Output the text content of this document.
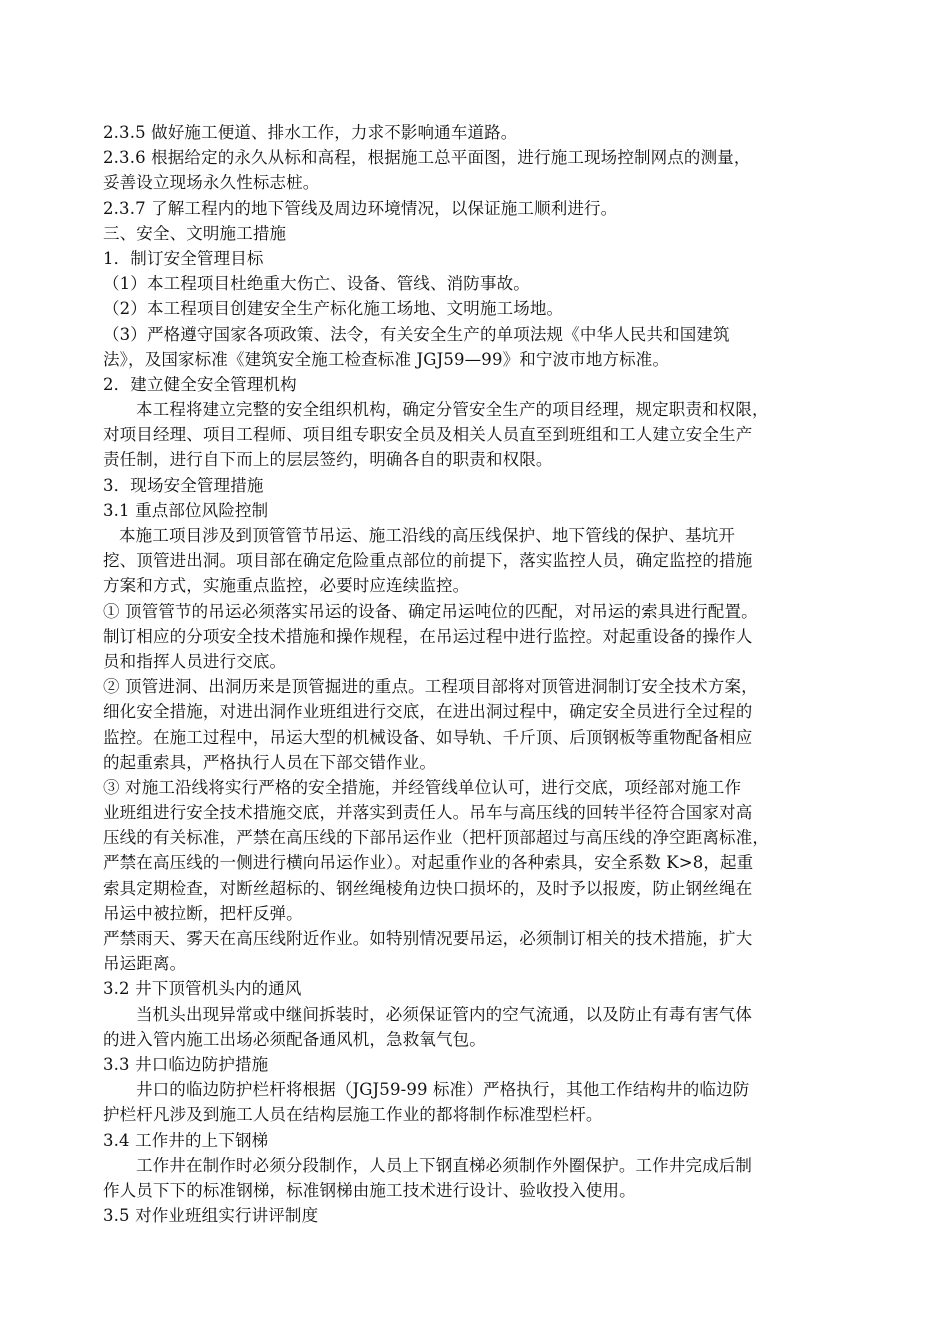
2.3.5 做好施工便道、排水工作，力求不影响通车道路。
2.3.6 根据给定的永久从标和高程，根据施工总平面图，进行施工现场控制网点的测量，
妥善设立现场永久性标志桩。
2.3.7 了解工程内的地下管线及周边环境情况，以保证施工顺利进行。
三、安全、文明施工措施
1．制订安全管理目标
（1）本工程项目杜绝重大伤亡、设备、管线、消防事故。
（2）本工程项目创建安全生产标化施工场地、文明施工场地。
（3）严格遵守国家各项政策、法令，有关安全生产的单项法规《中华人民共和国建筑
法》，及国家标准《建筑安全施工检查标准 JGJ59—99》和宁波市地方标准。
2．建立健全安全管理机构
本工程将建立完整的安全组织机构，确定分管安全生产的项目经理，规定职责和权限，
对项目经理、项目工程师、项目组专职安全员及相关人员直至到班组和工人建立安全生产
责任制，进行自下而上的层层签约，明确各自的职责和权限。
3．现场安全管理措施
3.1 重点部位风险控制
本施工项目涉及到顶管管节吊运、施工沿线的高压线保护、地下管线的保护、基坑开
挖、顶管进出洞。项目部在确定危险重点部位的前提下，落实监控人员，确定监控的措施
方案和方式，实施重点监控，必要时应连续监控。
① 顶管管节的吊运必须落实吊运的设备、确定吊运吨位的匹配，对吊运的索具进行配置。
制订相应的分项安全技术措施和操作规程，在吊运过程中进行监控。对起重设备的操作人
员和指挥人员进行交底。
② 顶管进洞、出洞历来是顶管掘进的重点。工程项目部将对顶管进洞制订安全技术方案，
细化安全措施，对进出洞作业班组进行交底，在进出洞过程中，确定安全员进行全过程的
监控。在施工过程中，吊运大型的机械设备、如导轨、千斤顶、后顶钢板等重物配备相应
的起重索具，严格执行人员在下部交错作业。
③ 对施工沿线将实行严格的安全措施，并经管线单位认可，进行交底，项经部对施工作
业班组进行安全技术措施交底，并落实到责任人。吊车与高压线的回转半径符合国家对高
压线的有关标准，严禁在高压线的下部吊运作业（把杆顶部超过与高压线的净空距离标准，
严禁在高压线的一侧进行横向吊运作业）。对起重作业的各种索具，安全系数 K>8，起重
索具定期检查，对断丝超标的、钢丝绳棱角边快口损坏的，及时予以报废，防止钢丝绳在
吊运中被拉断，把杆反弹。
严禁雨天、雾天在高压线附近作业。如特别情况要吊运，必须制订相关的技术措施，扩大
吊运距离。
3.2 井下顶管机头内的通风
当机头出现异常或中继间拆装时，必须保证管内的空气流通，以及防止有毒有害气体
的进入管内施工出场必须配备通风机，急救氧气包。
3.3 井口临边防护措施
井口的临边防护栏杆将根据（JGJ59-99 标准）严格执行，其他工作结构井的临边防
护栏杆凡涉及到施工人员在结构层施工作业的都将制作标准型栏杆。
3.4 工作井的上下钢梯
工作井在制作时必须分段制作，人员上下钢直梯必须制作外圈保护。工作井完成后制
作人员下下的标准钢梯，标准钢梯由施工技术进行设计、验收投入使用。
3.5 对作业班组实行讲评制度
